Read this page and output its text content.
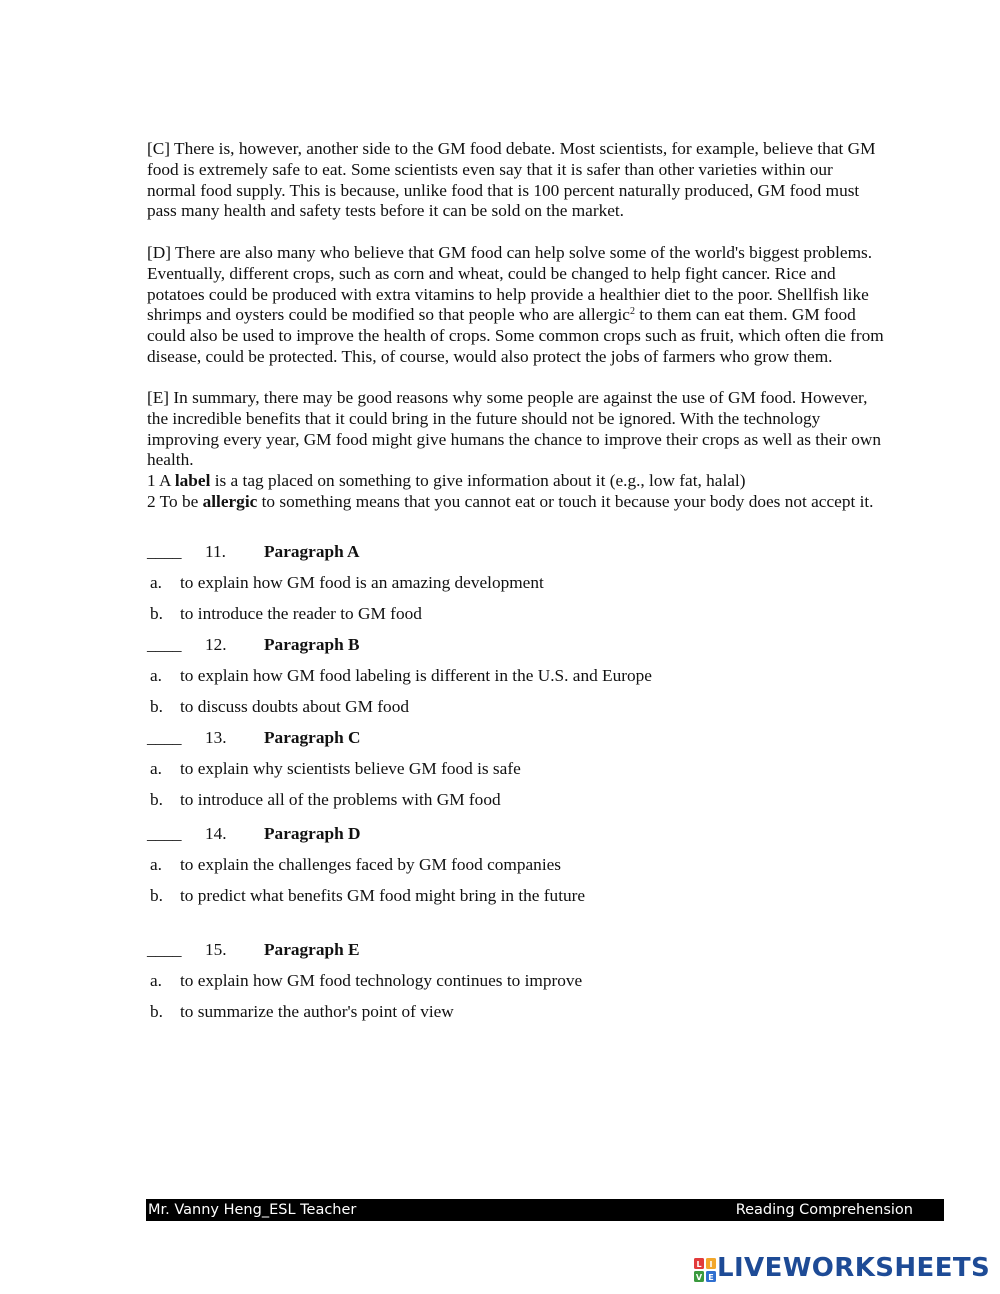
[C] There is, however, another side to the GM food debate. Most scientists, for example, believe that GM
food is extremely safe to eat. Some scientists even say that it is safer than other varieties within our
normal food supply. This is because, unlike food that is 100 percent naturally produced, GM food must
pass many health and safety tests before it can be sold on the market.
[D] There are also many who believe that GM food can help solve some of the world's biggest problems.
Eventually, different crops, such as corn and wheat, could be changed to help fight cancer. Rice and
potatoes could be produced with extra vitamins to help provide a healthier diet to the poor. Shellfish like
shrimps and oysters could be modified so that people who are allergic$^2$ to them can eat them. GM food
could also be used to improve the health of crops. Some common crops such as fruit, which often die from
disease, could be protected. This, of course, would also protect the jobs of farmers who grow them.
[E] In summary, there may be good reasons why some people are against the use of GM food. However,
the incredible benefits that it could bring in the future should not be ignored. With the technology
improving every year, GM food might give humans the chance to improve their crops as well as their own
health.
1 A label is a tag placed on something to give information about it (e.g., low fat, halal)
2 To be allergic to something means that you cannot eat or touch it because your body does not accept it.
____	11. Paragraph A
a. to explain how GM food is an amazing development
b. to introduce the reader to GM food
____	12. Paragraph B
a. to explain how GM food labeling is different in the U.S. and Europe
b. to discuss doubts about GM food
____	13. Paragraph C
a. to explain why scientists believe GM food is safe
b. to introduce all of the problems with GM food
____	14. Paragraph D
a. to explain the challenges faced by GM food companies
b. to predict what benefits GM food might bring in the future
____	15. Paragraph E
a. to explain how GM food technology continues to improve
b. to summarize the author's point of view
Mr. Vanny Heng_ESL Teacher	Reading Comprehension
L I
V E LIVEWORKSHEETS
